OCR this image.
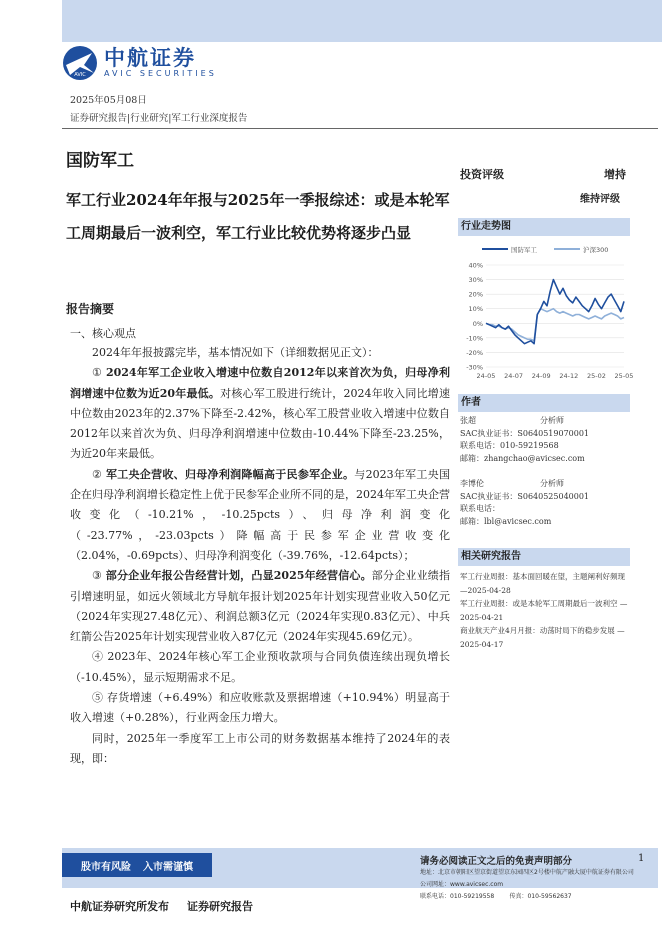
AVIC
中航证券
AVIC SECURITIES
2025年05月08日
证券研究报告|行业研究|军工行业深度报告
国防军工
军工行业2024年年报与2025年一季报综述：或是本轮军工周期最后一波利空，军工行业比较优势将逐步凸显
报告摘要
一、核心观点

2024年年报披露完毕，基本情况如下（详细数据见正文）：

① 2024年军工企业收入增速中位数自2012年以来首次为负，归母净利润增速中位数为近20年最低。对核心军工股进行统计，2024年收入同比增速中位数由2023年的2.37%下降至-2.42%，核心军工股营业收入增速中位数自2012年以来首次为负、归母净利润增速中位数由-10.44%下降至-23.25%，为近20年来最低。

② 军工央企营收、归母净利润降幅高于民参军企业。与2023年军工央国企在归母净利润增长稳定性上优于民参军企业所不同的是，2024年军工央企营收变化（-10.21%，-10.25pcts）、归母净利润变化（-23.77%，-23.03pcts）降幅高于民参军企业营收变化（2.04%，-0.69pcts）、归母净利润变化（-39.76%，-12.64pcts）；

③ 部分企业年报公告经营计划，凸显2025年经营信心。部分企业业绩指引增速明显，如远火领域北方导航年报计划2025年计划实现营业收入50亿元（2024年实现27.48亿元）、利润总额3亿元（2024年实现0.83亿元）、中兵红箭公告2025年计划实现营业收入87亿元（2024年实现45.69亿元）。

④ 2023年、2024年核心军工企业预收款项与合同负债连续出现负增长（-10.45%），显示短期需求不足。

⑤ 存货增速（+6.49%）和应收账款及票据增速（+10.94%）明显高于收入增速（+0.28%），行业两金压力增大。

同时，2025年一季度军工上市公司的财务数据基本维持了2024年的表现，即：

投资评级	增持
维持评级
行业走势图
国防军工	沪深300
40%
30%
20%
10%
0%
-10%
-20%
-30%
24-05 24-07 24-09 24-12 25-02 25-05
作者
张超	分析师
SAC执业证书：S0640519070001
联系电话：010-59219568
邮箱：zhangchao@avicsec.com
李博伦	分析师
SAC执业证书：S0640525040001
联系电话：
邮箱：lbl@avicsec.com
相关研究报告
军工行业周报：基本面回暖在望，主题阐利好频现 —2025-04-28
军工行业周报：或是本轮军工周期最后一波利空 —2025-04-21
商业航天产业4月月报：动荡时局下的稳步发展 —2025-04-17
股市有风险 入市需谨慎	请务必阅读正文之后的免责声明部分	1
地址：北京市朝阳区望京街道望京东园四区2号楼中航产融大厦中航证券有限公司
公司网址：www.avicsec.com
联系电话：010-59219558	传真：010-59562637
中航证券研究所发布 证券研究报告
